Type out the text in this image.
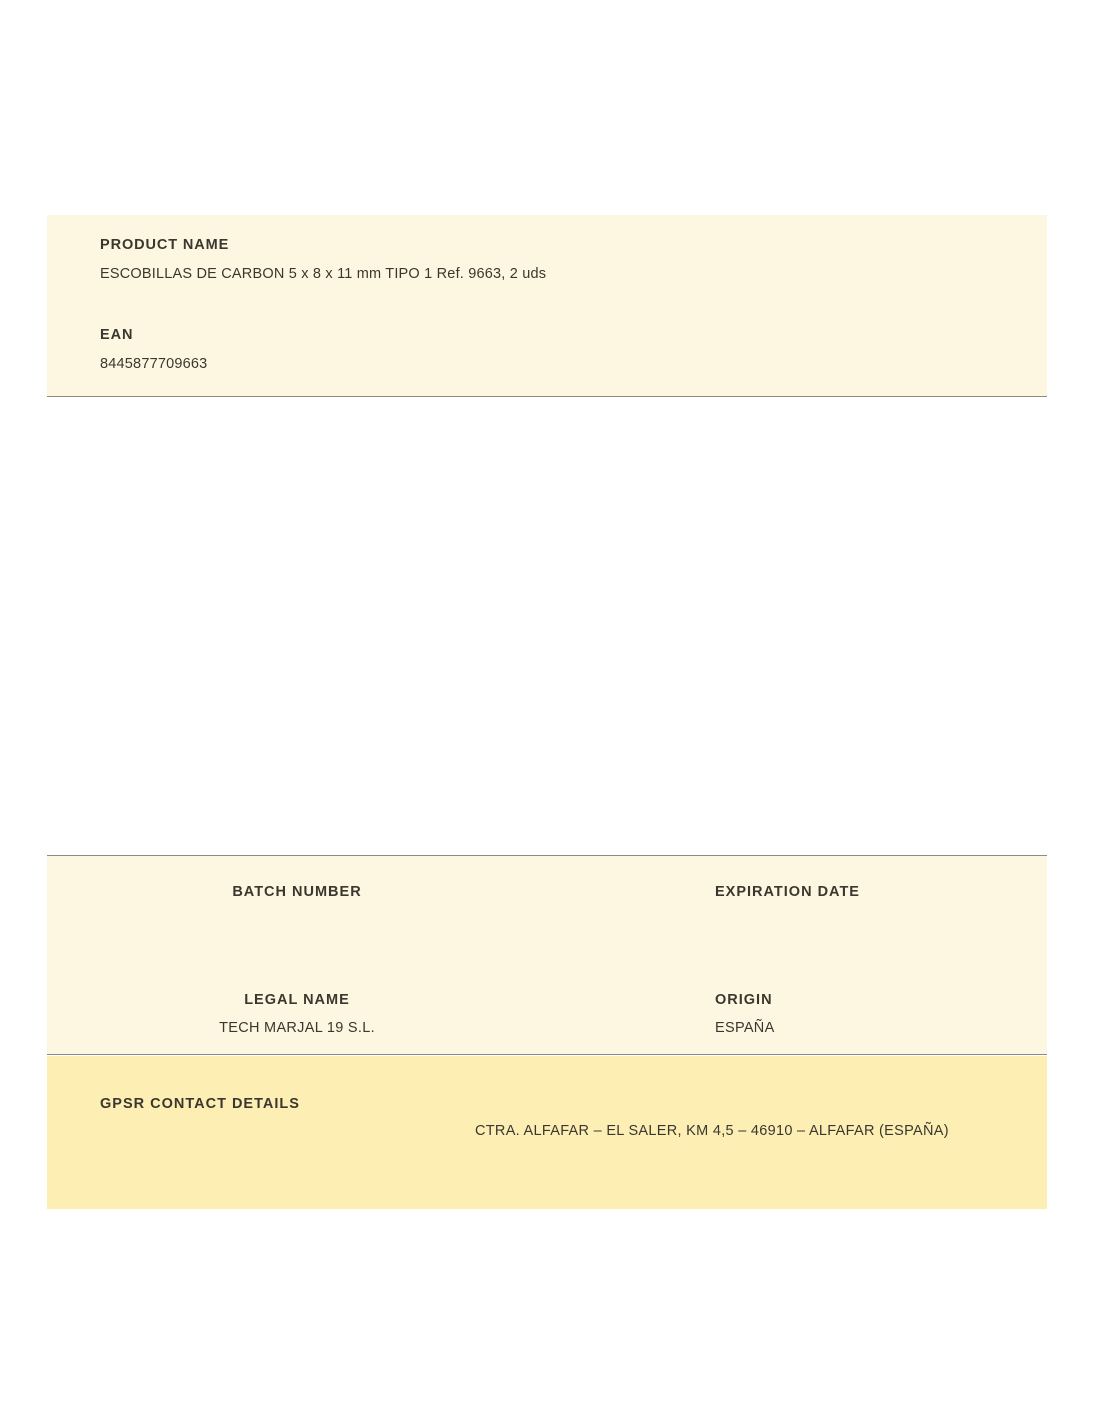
PRODUCT NAME
ESCOBILLAS DE CARBON 5 x 8 x 11 mm TIPO 1 Ref. 9663, 2 uds
EAN
8445877709663
BATCH NUMBER	EXPIRATION DATE
LEGAL NAME
TECH MARJAL 19 S.L.
ORIGIN
ESPAÑA
GPSR CONTACT DETAILS
CTRA. ALFAFAR – EL SALER, KM 4,5 – 46910 – ALFAFAR (ESPAÑA)
